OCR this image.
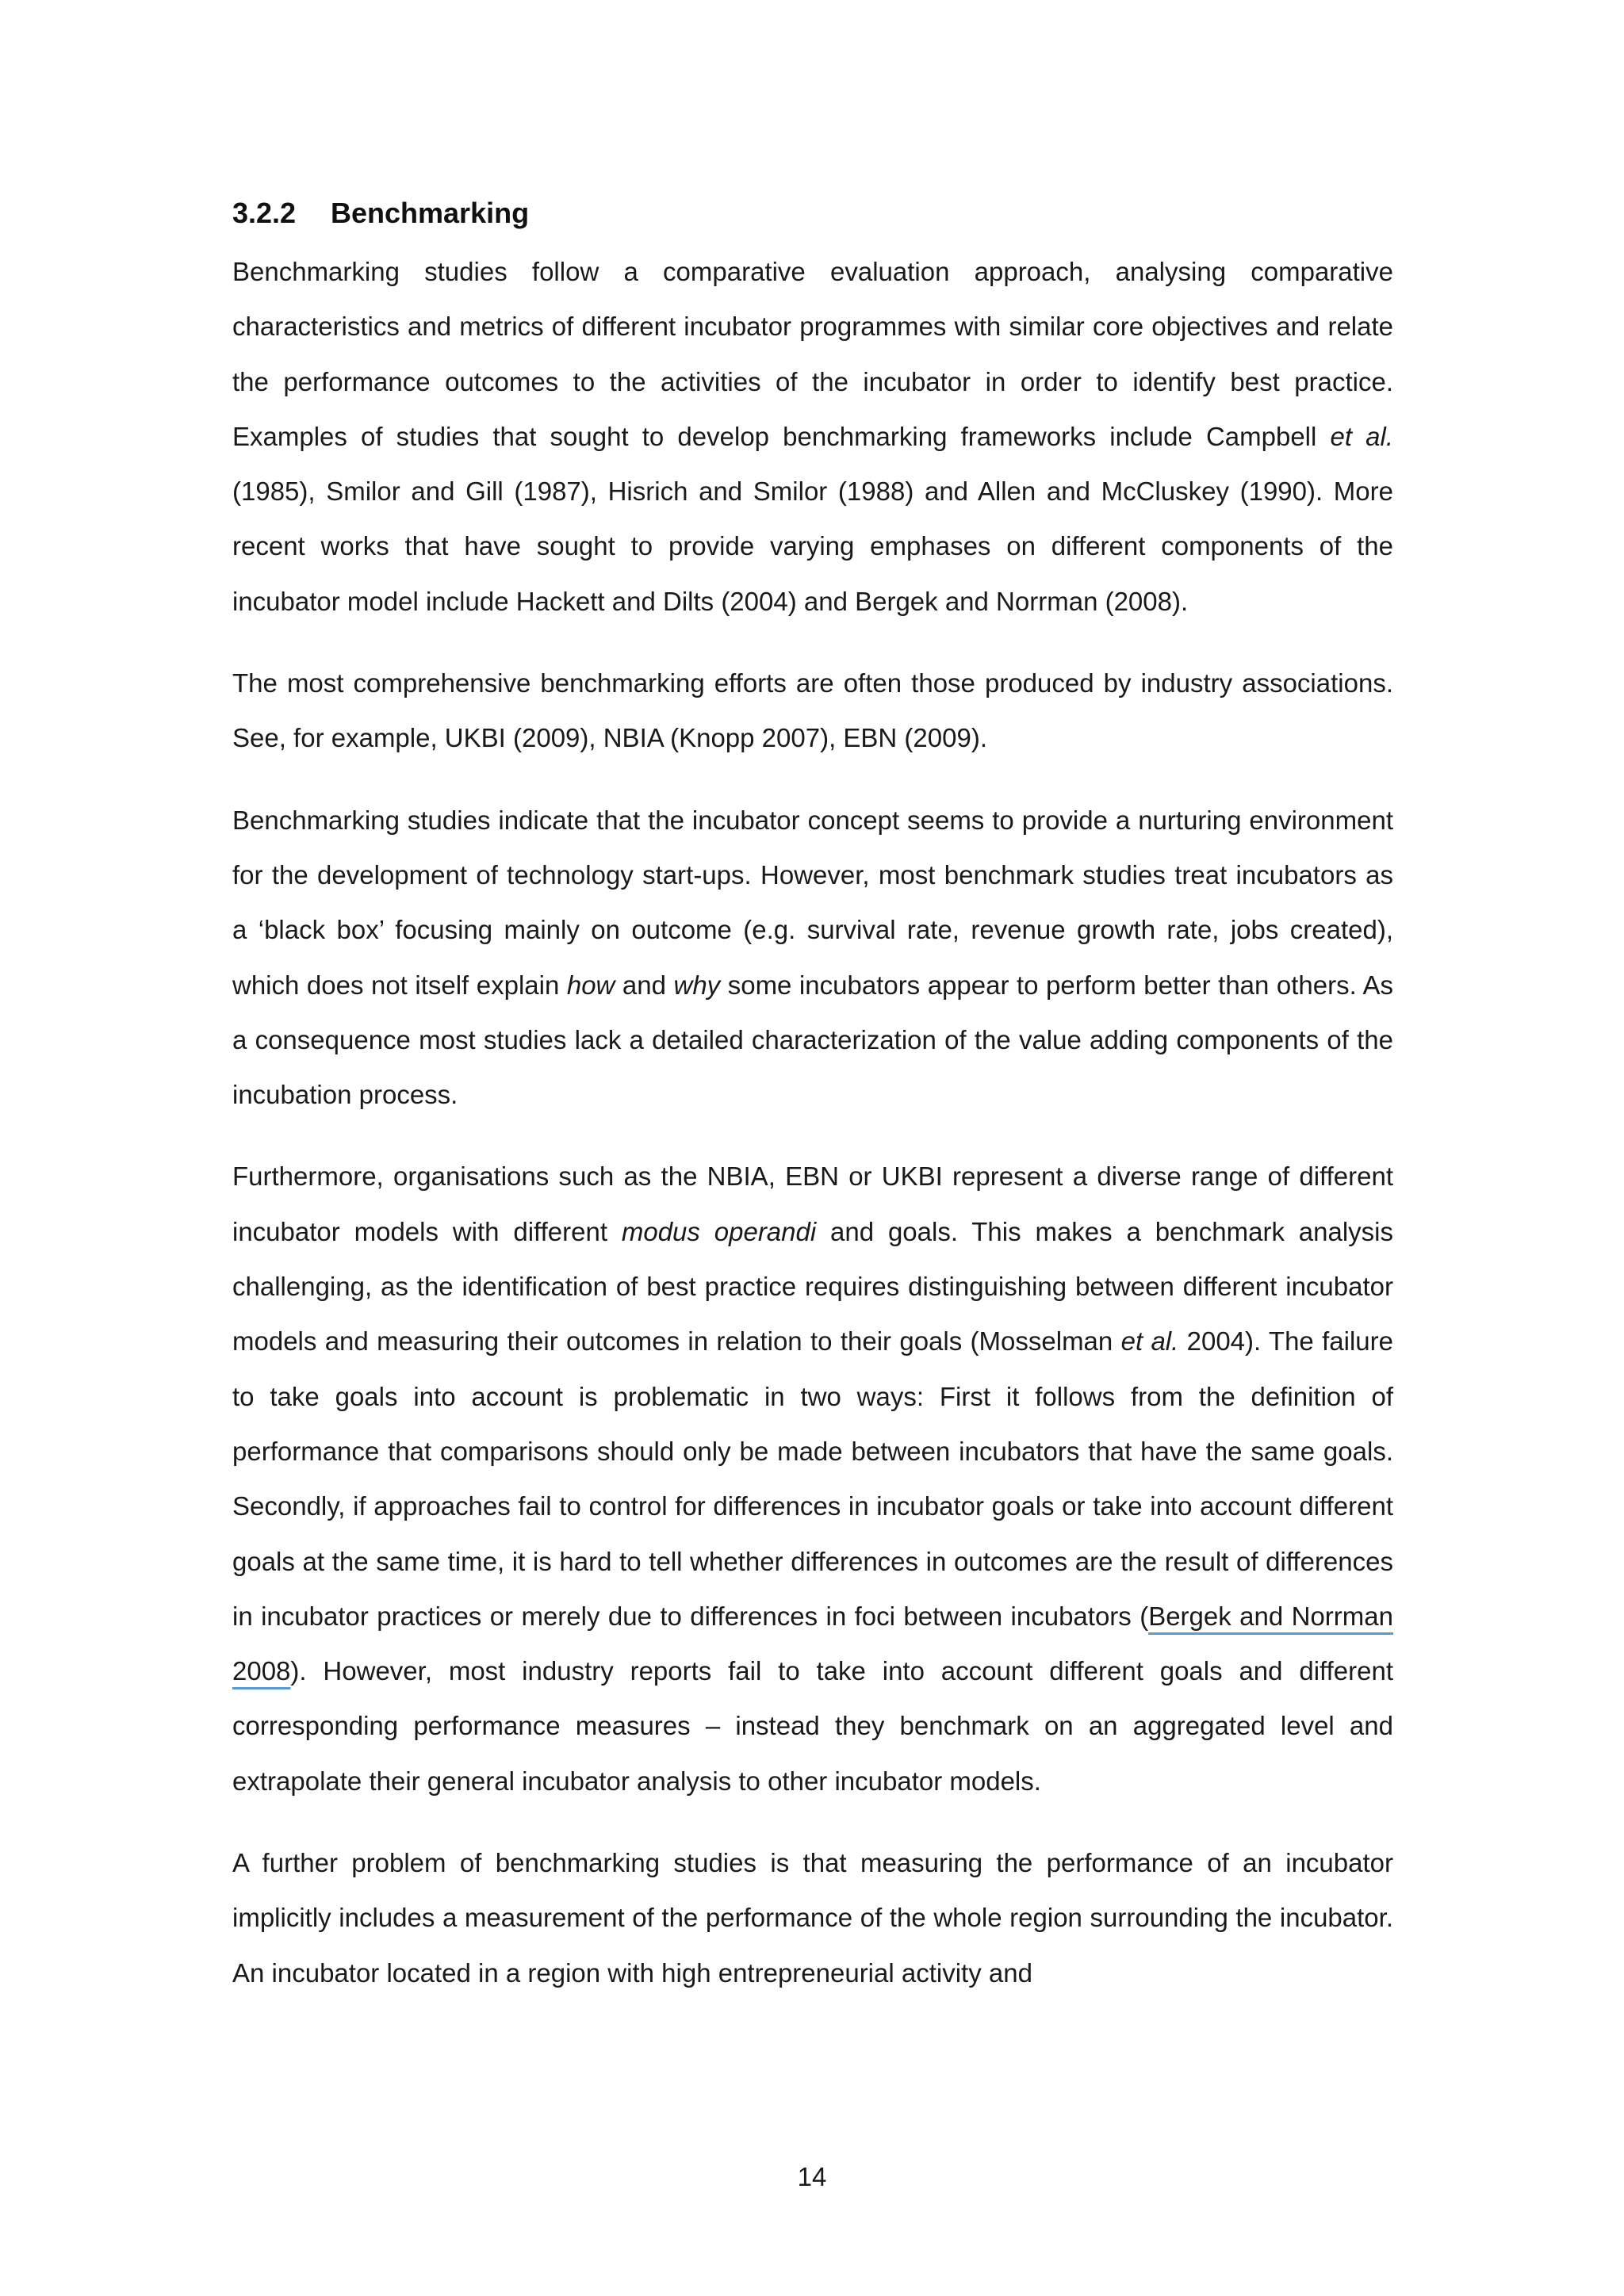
3.2.2 Benchmarking

Benchmarking studies follow a comparative evaluation approach, analysing comparative characteristics and metrics of different incubator programmes with similar core objectives and relate the performance outcomes to the activities of the incubator in order to identify best practice. Examples of studies that sought to develop benchmarking frameworks include Campbell et al. (1985), Smilor and Gill (1987), Hisrich and Smilor (1988) and Allen and McCluskey (1990). More recent works that have sought to provide varying emphases on different components of the incubator model include Hackett and Dilts (2004) and Bergek and Norrman (2008).

The most comprehensive benchmarking efforts are often those produced by industry associations. See, for example, UKBI (2009), NBIA (Knopp 2007), EBN (2009).

Benchmarking studies indicate that the incubator concept seems to provide a nurturing environment for the development of technology start-ups. However, most benchmark studies treat incubators as a ‘black box’ focusing mainly on outcome (e.g. survival rate, revenue growth rate, jobs created), which does not itself explain how and why some incubators appear to perform better than others. As a consequence most studies lack a detailed characterization of the value adding components of the incubation process.

Furthermore, organisations such as the NBIA, EBN or UKBI represent a diverse range of different incubator models with different modus operandi and goals. This makes a benchmark analysis challenging, as the identification of best practice requires distinguishing between different incubator models and measuring their outcomes in relation to their goals (Mosselman et al. 2004). The failure to take goals into account is problematic in two ways: First it follows from the definition of performance that comparisons should only be made between incubators that have the same goals. Secondly, if approaches fail to control for differences in incubator goals or take into account different goals at the same time, it is hard to tell whether differences in outcomes are the result of differences in incubator practices or merely due to differences in foci between incubators (Bergek and Norrman 2008). However, most industry reports fail to take into account different goals and different corresponding performance measures – instead they benchmark on an aggregated level and extrapolate their general incubator analysis to other incubator models.

A further problem of benchmarking studies is that measuring the performance of an incubator implicitly includes a measurement of the performance of the whole region surrounding the incubator. An incubator located in a region with high entrepreneurial activity and

14
